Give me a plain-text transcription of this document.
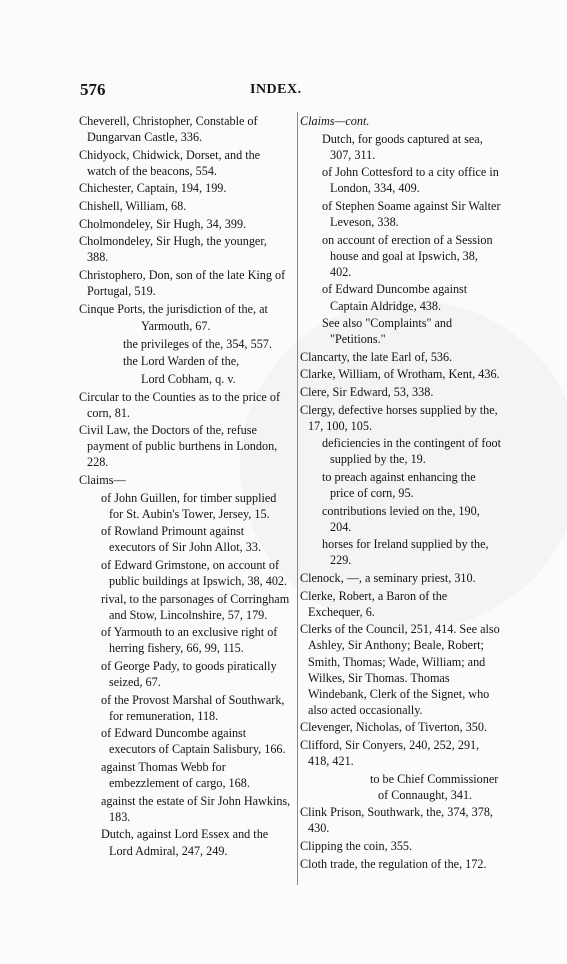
576	INDEX.
Cheverell, Christopher, Constable of Dungarvan Castle, 336.
Chidyock, Chidwick, Dorset, and the watch of the beacons, 554.
Chichester, Captain, 194, 199.
Chishell, William, 68.
Cholmondeley, Sir Hugh, 34, 399.
Cholmondeley, Sir Hugh, the younger, 388.
Christophero, Don, son of the late King of Portugal, 519.
Cinque Ports, the jurisdiction of the, at
Yarmouth, 67.
the privileges of the, 354, 557.
the Lord Warden of the,
Lord Cobham, q. v.
Circular to the Counties as to the price of corn, 81.
Civil Law, the Doctors of the, refuse payment of public burthens in London, 228.
Claims—
of John Guillen, for timber supplied for St. Aubin's Tower, Jersey, 15.
of Rowland Primount against executors of Sir John Allot, 33.
of Edward Grimstone, on account of public buildings at Ipswich, 38, 402.
rival, to the parsonages of Corringham and Stow, Lincolnshire, 57, 179.
of Yarmouth to an exclusive right of herring fishery, 66, 99, 115.
of George Pady, to goods piratically seized, 67.
of the Provost Marshal of Southwark, for remuneration, 118.
of Edward Duncombe against executors of Captain Salisbury, 166.
against Thomas Webb for embezzlement of cargo, 168.
against the estate of Sir John Hawkins, 183.
Dutch, against Lord Essex and the Lord Admiral, 247, 249.
Claims—cont.
Dutch, for goods captured at sea, 307, 311.
of John Cottesford to a city office in London, 334, 409.
of Stephen Soame against Sir Walter Leveson, 338.
on account of erection of a Session house and goal at Ipswich, 38, 402.
of Edward Duncombe against Captain Aldridge, 438.
See also "Complaints" and "Petitions."
Clancarty, the late Earl of, 536.
Clarke, William, of Wrotham, Kent, 436.
Clere, Sir Edward, 53, 338.
Clergy, defective horses supplied by the, 17, 100, 105.
deficiencies in the contingent of foot supplied by the, 19.
to preach against enhancing the price of corn, 95.
contributions levied on the, 190, 204.
horses for Ireland supplied by the, 229.
Clenock, —, a seminary priest, 310.
Clerke, Robert, a Baron of the Exchequer, 6.
Clerks of the Council, 251, 414. See also Ashley, Sir Anthony; Beale, Robert; Smith, Thomas; Wade, William; and Wilkes, Sir Thomas. Thomas Windebank, Clerk of the Signet, who also acted occasionally.
Clevenger, Nicholas, of Tiverton, 350.
Clifford, Sir Conyers, 240, 252, 291, 418, 421.
to be Chief Commissioner of Connaught, 341.
Clink Prison, Southwark, the, 374, 378, 430.
Clipping the coin, 355.
Cloth trade, the regulation of the, 172.
